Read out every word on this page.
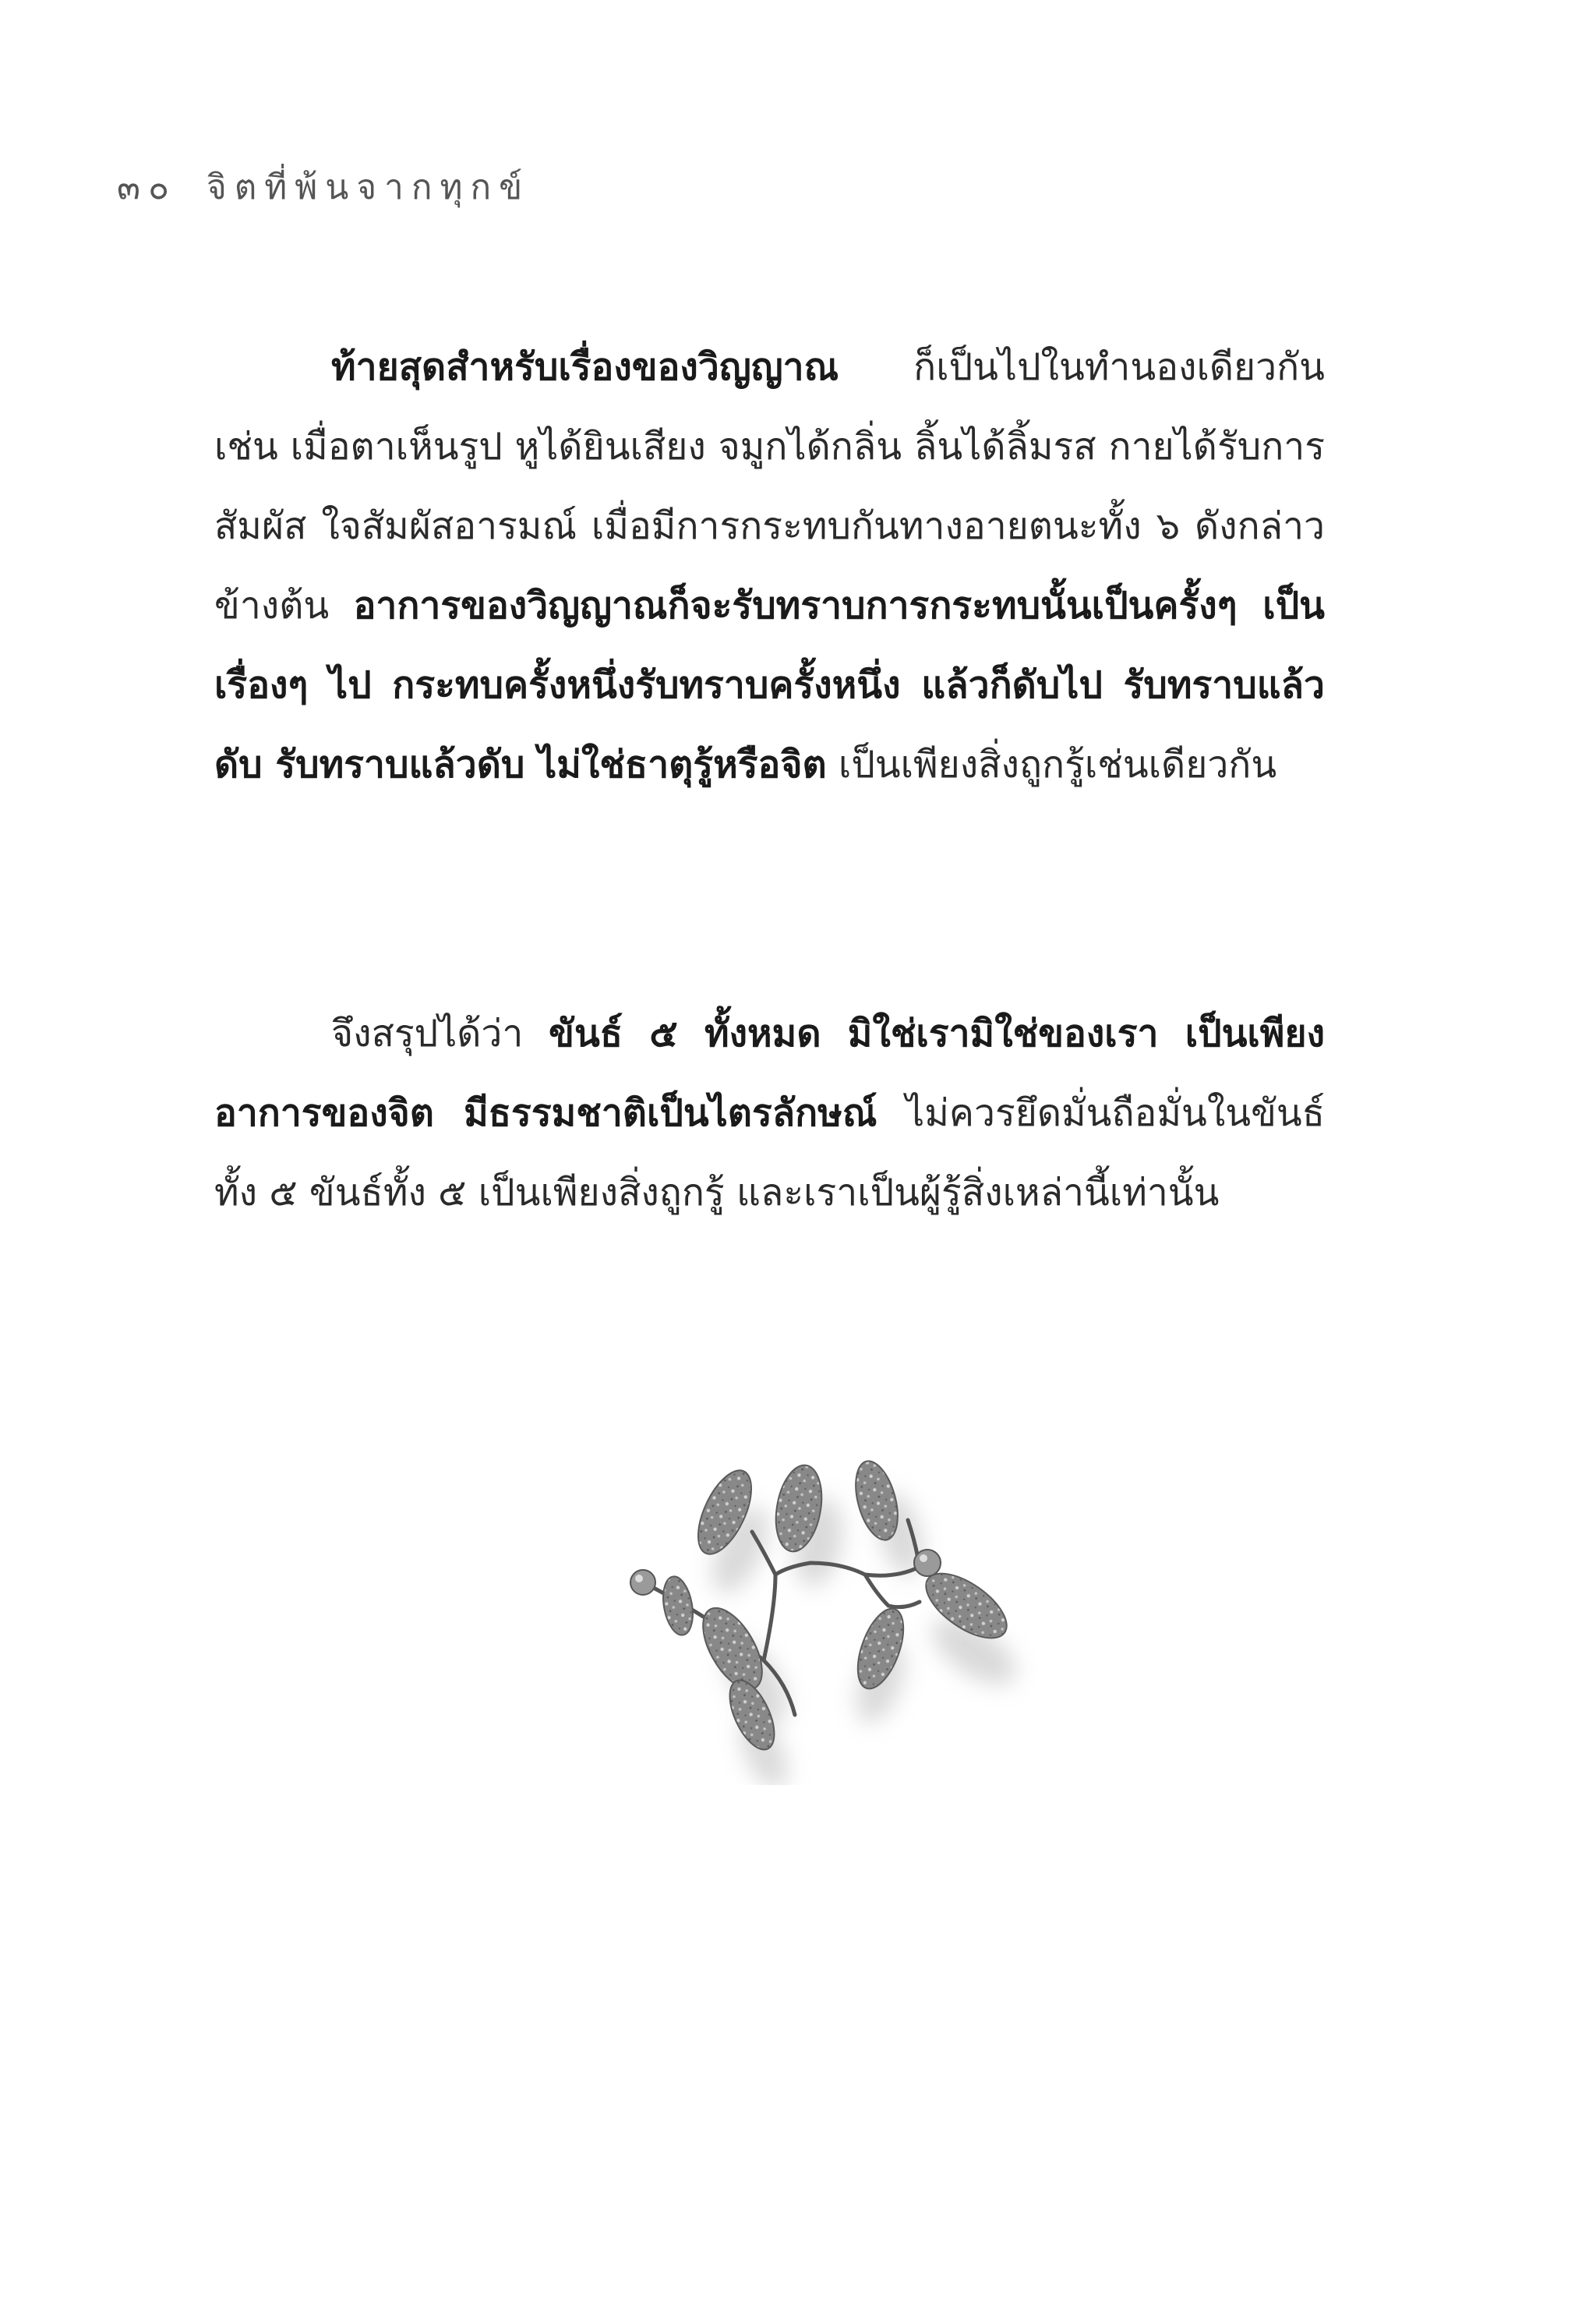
๓๐ จิตที่พ้นจากทุกข์
ท้ายสุดสำหรับเรื่องของวิญญาณ ก็เป็นไปในทำนองเดียวกัน เช่น เมื่อตาเห็นรูป หูได้ยินเสียง จมูกได้กลิ่น ลิ้นได้ลิ้มรส กายได้รับการสัมผัส ใจสัมผัสอารมณ์ เมื่อมีการกระทบกันทางอายตนะทั้ง ๖ ดังกล่าวข้างต้น อาการของวิญญาณก็จะรับทราบการกระทบนั้นเป็นครั้งๆ เป็นเรื่องๆ ไป กระทบครั้งหนึ่งรับทราบครั้งหนึ่ง แล้วก็ดับไป รับทราบแล้วดับ รับทราบแล้วดับ ไม่ใช่ธาตุรู้หรือจิต เป็นเพียงสิ่งถูกรู้เช่นเดียวกัน
จึงสรุปได้ว่า ขันธ์ ๕ ทั้งหมด มิใช่เรามิใช่ของเรา เป็นเพียงอาการของจิต มีธรรมชาติเป็นไตรลักษณ์ ไม่ควรยึดมั่นถือมั่นในขันธ์ทั้ง ๕ ขันธ์ทั้ง ๕ เป็นเพียงสิ่งถูกรู้ และเราเป็นผู้รู้สิ่งเหล่านี้เท่านั้น
